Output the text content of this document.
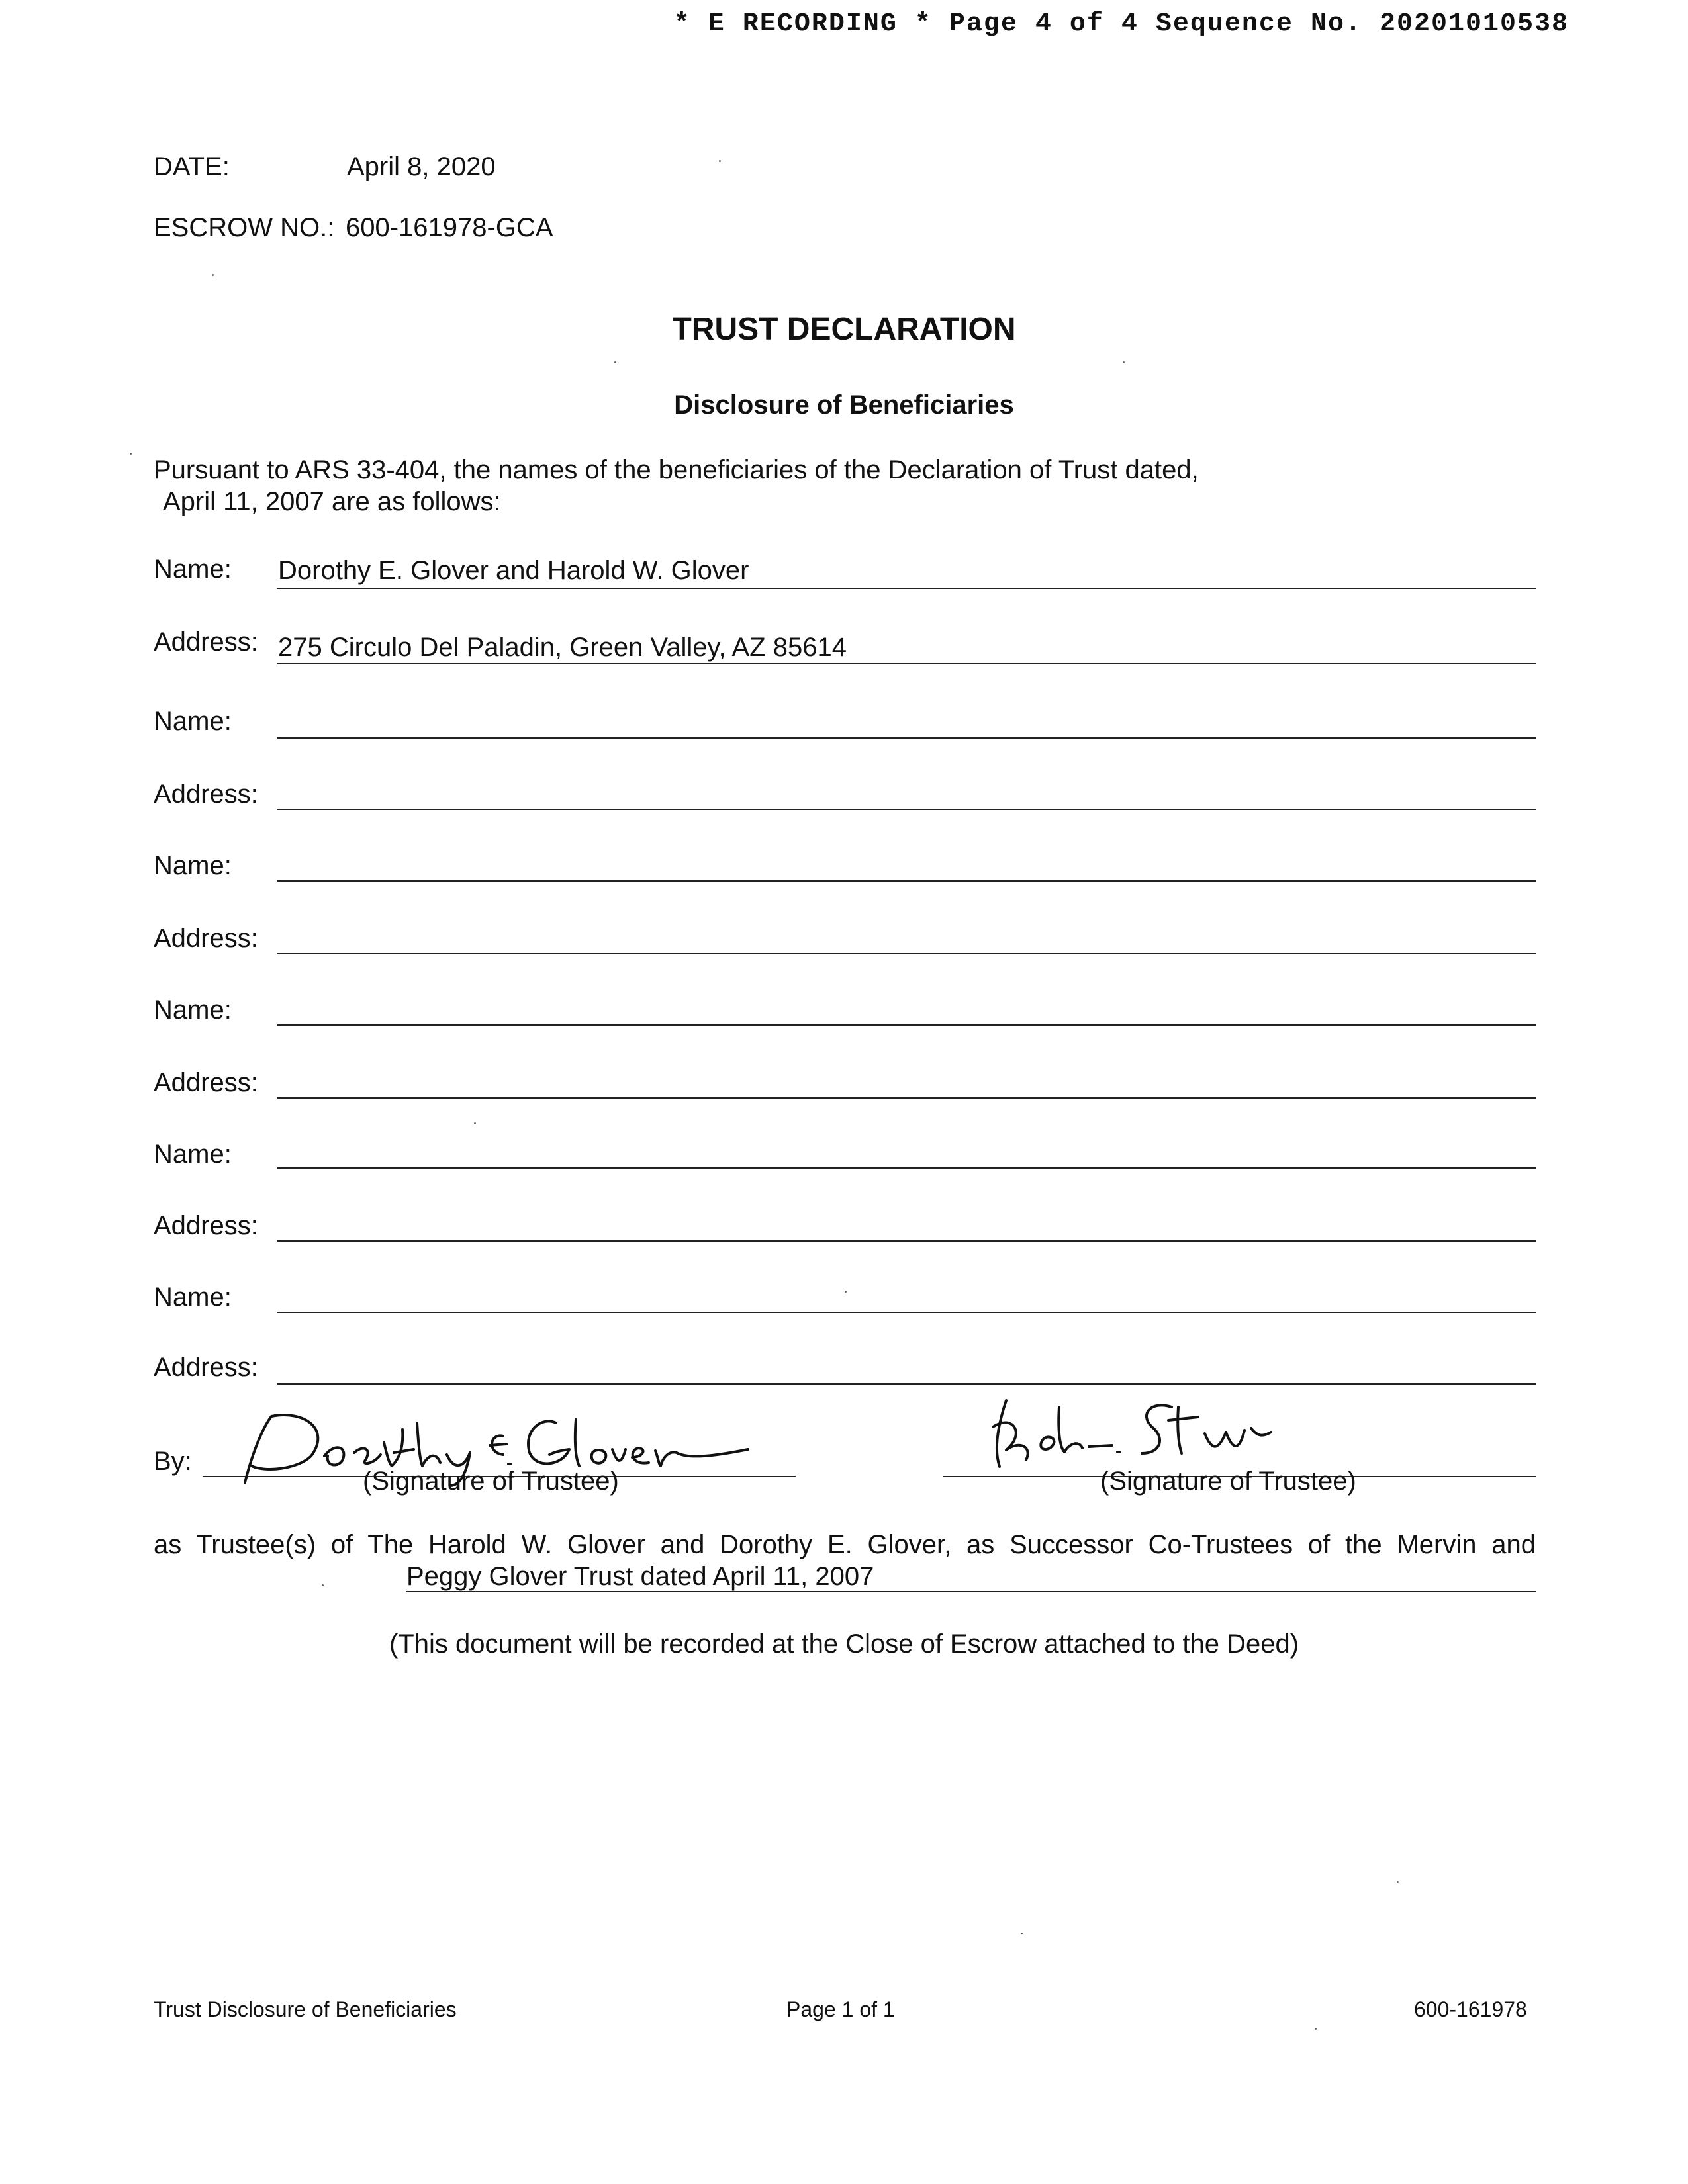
* E RECORDING * Page 4 of 4 Sequence No. 20201010538
DATE:	April 8, 2020
ESCROW NO.: 600-161978-GCA
TRUST DECLARATION
Disclosure of Beneficiaries
Pursuant to ARS 33-404, the names of the beneficiaries of the Declaration of Trust dated,
April 11, 2007 are as follows:
Name: Dorothy E. Glover and Harold W. Glover
Address: 275 Circulo Del Paladin, Green Valley, AZ 85614
Name:
Address:
Name:
Address:
Name:
Address:
Name:
Address:
Name:
Address:
By:
(Signature of Trustee)	(Signature of Trustee)
as Trustee(s) of The Harold W. Glover and Dorothy E. Glover, as Successor Co-Trustees of the Mervin and
Peggy Glover Trust dated April 11, 2007
(This document will be recorded at the Close of Escrow attached to the Deed)
Trust Disclosure of Beneficiaries	Page 1 of 1	600-161978
